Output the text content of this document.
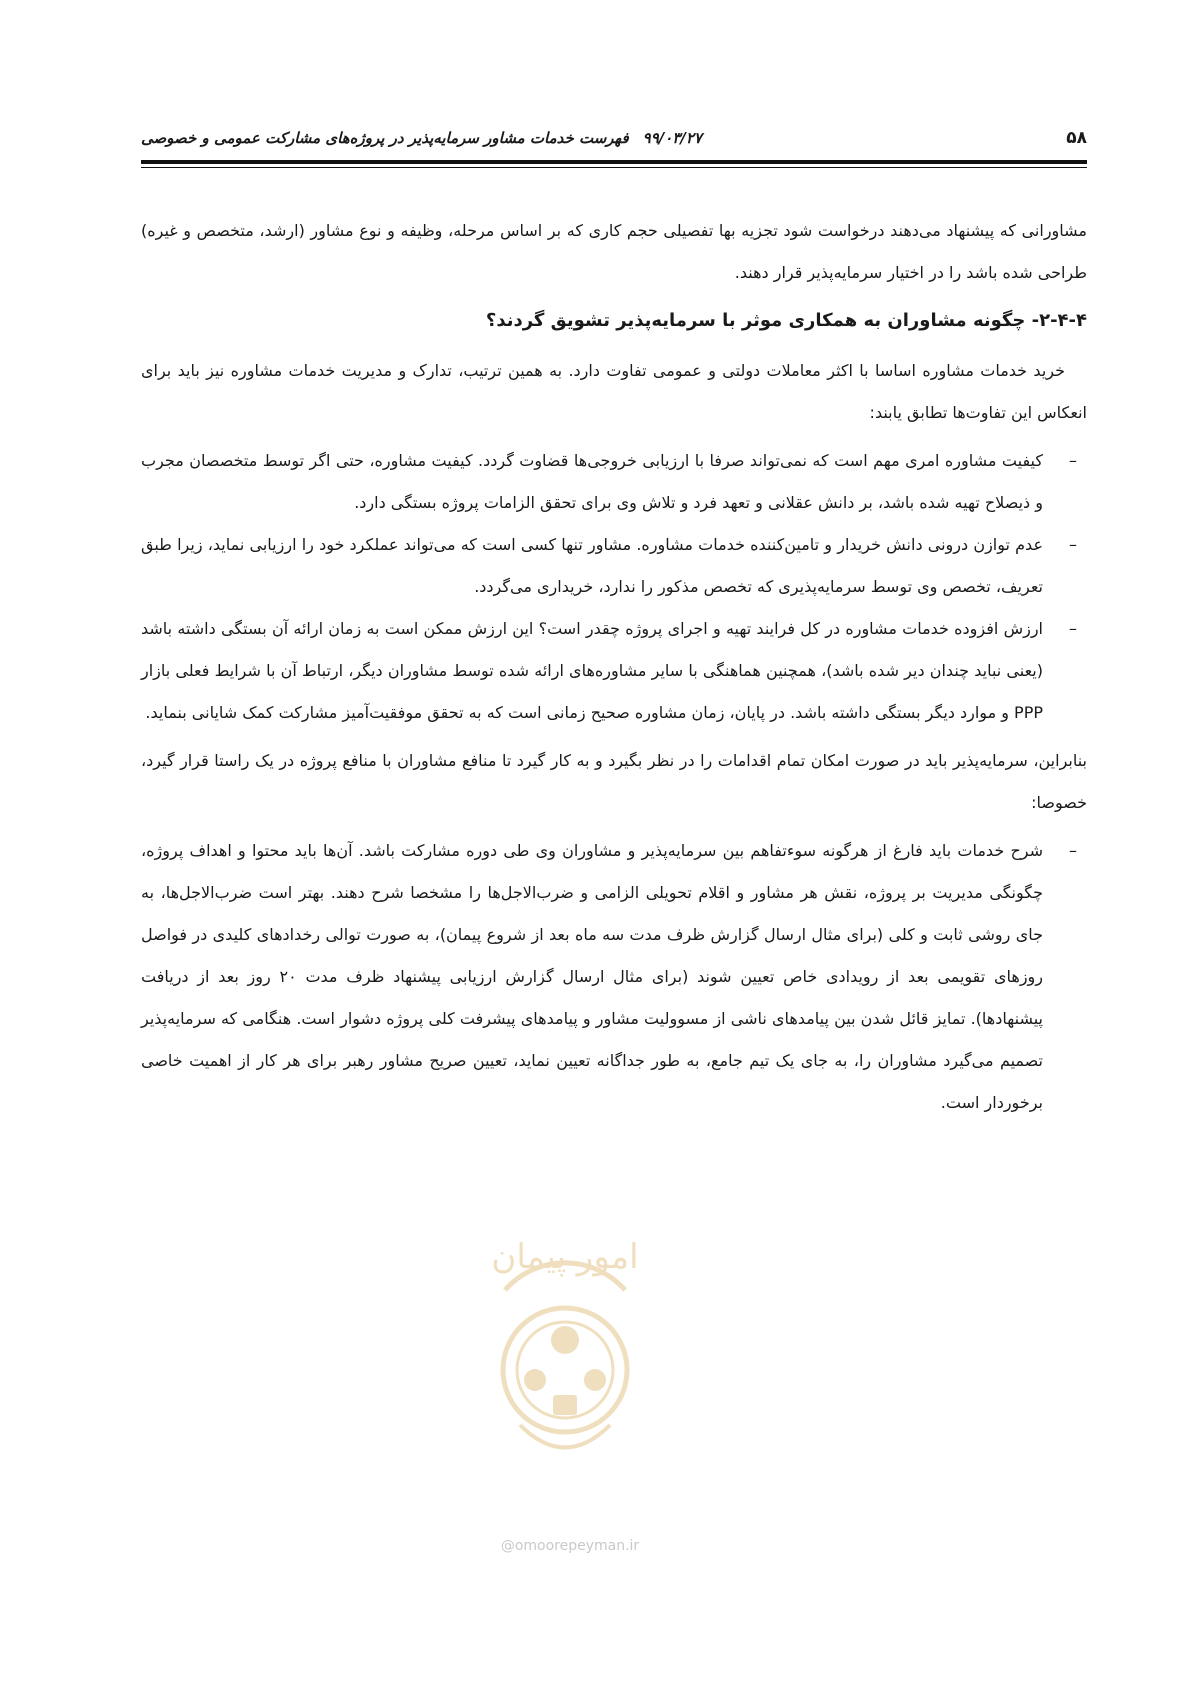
۵۸
۹۹/۰۳/۲۷فهرست خدمات مشاور سرمایه‌پذیر در پروژه‌های مشارکت عمومی و خصوصی

مشاورانی که پیشنهاد می‌دهند درخواست شود تجزیه بها تفصیلی حجم کاری که بر اساس مرحله، وظیفه و نوع مشاور (ارشد، متخصص و غیره) طراحی شده باشد را در اختیار سرمایه‌پذیر قرار دهند.

۲-۴-۴- چگونه مشاوران به همکاری موثر با سرمایه‌پذیر تشویق گردند؟

خرید خدمات مشاوره اساسا با اکثر معاملات دولتی و عمومی تفاوت دارد. به همین ترتیب، تدارک و مدیریت خدمات مشاوره نیز باید برای انعکاس این تفاوت‌ها تطابق یابند:

–
کیفیت مشاوره امری مهم است که نمی‌تواند صرفا با ارزیابی خروجی‌ها قضاوت گردد. کیفیت مشاوره، حتی اگر توسط متخصصان مجرب و ذیصلاح تهیه شده باشد، بر دانش عقلانی و تعهد فرد و تلاش وی برای تحقق الزامات پروژه بستگی دارد.
–
عدم توازن درونی دانش خریدار و تامین‌کننده خدمات مشاوره. مشاور تنها کسی است که می‌تواند عملکرد خود را ارزیابی نماید، زیرا طبق تعریف، تخصص وی توسط سرمایه‌پذیری که تخصص مذکور را ندارد، خریداری می‌گردد.
–
ارزش افزوده خدمات مشاوره در کل فرایند تهیه و اجرای پروژه چقدر است؟ این ارزش ممکن است به زمان ارائه آن بستگی داشته باشد (یعنی نباید چندان دیر شده باشد)، همچنین هماهنگی با سایر مشاوره‌های ارائه شده توسط مشاوران دیگر، ارتباط آن با شرایط فعلی بازار PPP و موارد دیگر بستگی داشته باشد. در پایان، زمان مشاوره صحیح زمانی است که به تحقق موفقیت‌آمیز مشارکت کمک شایانی بنماید.

بنابراین، سرمایه‌پذیر باید در صورت امکان تمام اقدامات را در نظر بگیرد و به کار گیرد تا منافع مشاوران با منافع پروژه در یک راستا قرار گیرد، خصوصا:

–
شرح خدمات باید فارغ از هرگونه سوءتفاهم بین سرمایه‌پذیر و مشاوران وی طی دوره مشارکت باشد. آن‌ها باید محتوا و اهداف پروژه، چگونگی مدیریت بر پروژه، نقش هر مشاور و اقلام تحویلی الزامی و ضرب‌الاجل‌ها را مشخصا شرح دهند. بهتر است ضرب‌الاجل‌ها، به جای روشی ثابت و کلی (برای مثال ارسال گزارش ظرف مدت سه ماه بعد از شروع پیمان)، به صورت توالی رخدادهای کلیدی در فواصل روزهای تقویمی بعد از رویدادی خاص تعیین شوند (برای مثال ارسال گزارش ارزیابی پیشنهاد ظرف مدت ۲۰ روز بعد از دریافت پیشنهادها). تمایز قائل شدن بین پیامدهای ناشی از مسوولیت مشاور و پیامدهای پیشرفت کلی پروژه دشوار است. هنگامی که سرمایه‌پذیر تصمیم می‌گیرد مشاوران را، به جای یک تیم جامع، به طور جداگانه تعیین نماید، تعیین صریح مشاور رهبر برای هر کار از اهمیت خاصی برخوردار است.
امور پیمان
@omoorepeyman.ir
